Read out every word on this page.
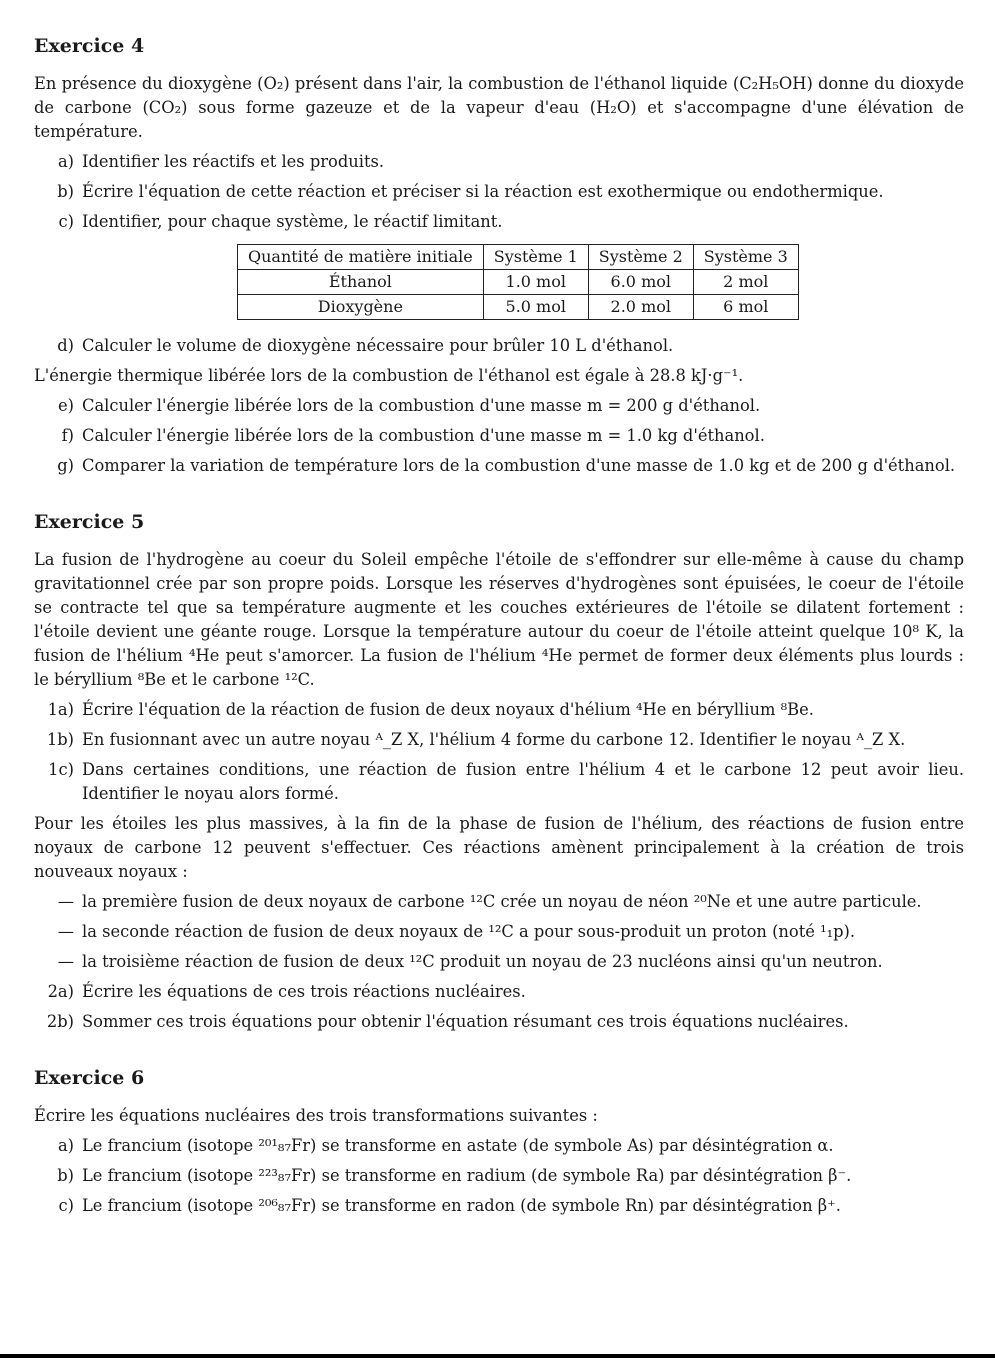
Exercice 4

En présence du dioxygène (O₂) présent dans l'air, la combustion de l'éthanol liquide (C₂H₅OH) donne du dioxyde de carbone (CO₂) sous forme gazeuze et de la vapeur d'eau (H₂O) et s'accompagne d'une élévation de température.

a) Identifier les réactifs et les produits.
b) Écrire l'équation de cette réaction et préciser si la réaction est exothermique ou endothermique.
c) Identifier, pour chaque système, le réactif limitant.
Quantité de matière initiale	Système 1	Système 2	Système 3
Éthanol	1.0 mol	6.0 mol	2 mol
Dioxygène	5.0 mol	2.0 mol	6 mol
d) Calculer le volume de dioxygène nécessaire pour brûler 10 L d'éthanol.

L'énergie thermique libérée lors de la combustion de l'éthanol est égale à 28.8 kJ·g⁻¹.

e) Calculer l'énergie libérée lors de la combustion d'une masse m = 200 g d'éthanol.
f) Calculer l'énergie libérée lors de la combustion d'une masse m = 1.0 kg d'éthanol.
g) Comparer la variation de température lors de la combustion d'une masse de 1.0 kg et de 200 g d'éthanol.
Exercice 5

La fusion de l'hydrogène au coeur du Soleil empêche l'étoile de s'effondrer sur elle-même à cause du champ gravitationnel crée par son propre poids. Lorsque les réserves d'hydrogènes sont épuisées, le coeur de l'étoile se contracte tel que sa température augmente et les couches extérieures de l'étoile se dilatent fortement : l'étoile devient une géante rouge. Lorsque la température autour du coeur de l'étoile atteint quelque 10⁸ K, la fusion de l'hélium ⁴He peut s'amorcer. La fusion de l'hélium ⁴He permet de former deux éléments plus lourds : le béryllium ⁸Be et le carbone ¹²C.

1a) Écrire l'équation de la réaction de fusion de deux noyaux d'hélium ⁴He en béryllium ⁸Be.
1b) En fusionnant avec un autre noyau ᴬ_Z X, l'hélium 4 forme du carbone 12. Identifier le noyau ᴬ_Z X.
1c) Dans certaines conditions, une réaction de fusion entre l'hélium 4 et le carbone 12 peut avoir lieu. Identifier le noyau alors formé.

Pour les étoiles les plus massives, à la fin de la phase de fusion de l'hélium, des réactions de fusion entre noyaux de carbone 12 peuvent s'effectuer. Ces réactions amènent principalement à la création de trois nouveaux noyaux :

— la première fusion de deux noyaux de carbone ¹²C crée un noyau de néon ²⁰Ne et une autre particule.
— la seconde réaction de fusion de deux noyaux de ¹²C a pour sous-produit un proton (noté ¹₁p).
— la troisième réaction de fusion de deux ¹²C produit un noyau de 23 nucléons ainsi qu'un neutron.
2a) Écrire les équations de ces trois réactions nucléaires.
2b) Sommer ces trois équations pour obtenir l'équation résumant ces trois équations nucléaires.
Exercice 6

Écrire les équations nucléaires des trois transformations suivantes :

a) Le francium (isotope ²⁰¹₈₇Fr) se transforme en astate (de symbole As) par désintégration α.
b) Le francium (isotope ²²³₈₇Fr) se transforme en radium (de symbole Ra) par désintégration β⁻.
c) Le francium (isotope ²⁰⁶₈₇Fr) se transforme en radon (de symbole Rn) par désintégration β⁺.
